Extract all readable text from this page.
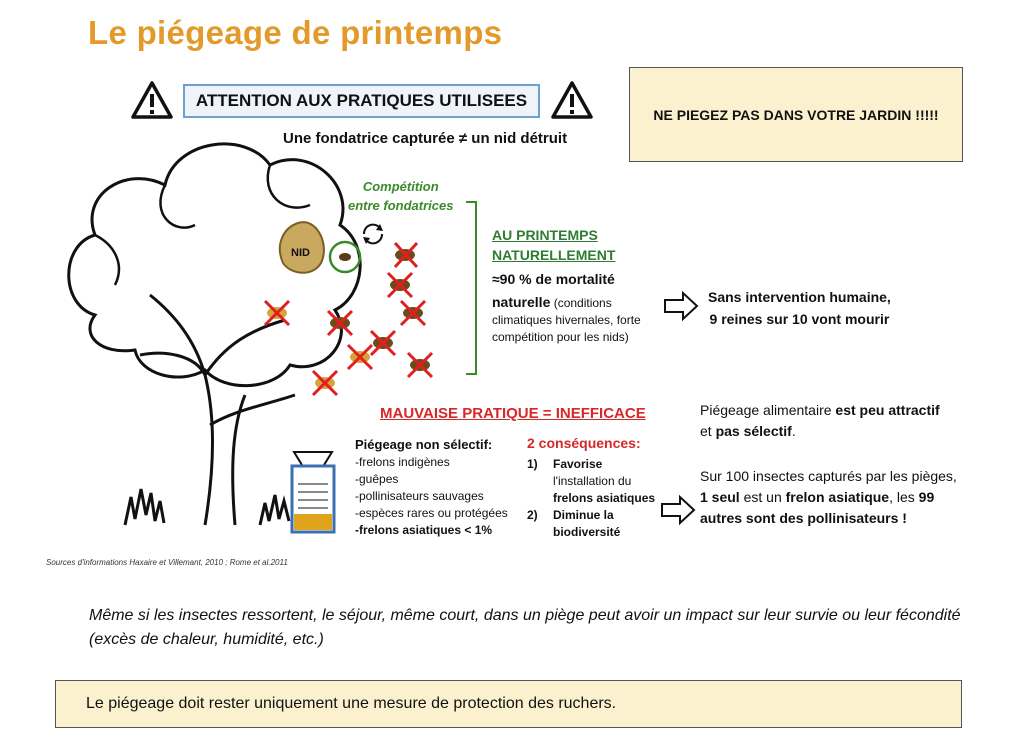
Le piégeage de printemps
ATTENTION AUX PRATIQUES UTILISEES
Une fondatrice capturée ≠ un nid détruit
NE PIEGEZ PAS DANS VOTRE JARDIN !!!!!
NID
Compétition
entre fondatrices
AU PRINTEMPS
NATURELLEMENT
≈90 % de mortalité
naturelle (conditions climatiques hivernales, forte compétition pour les nids)
Sans intervention humaine,
9 reines sur 10 vont mourir
MAUVAISE PRATIQUE = INEFFICACE
Piégeage non sélectif:
-frelons indigènes
-guêpes
-pollinisateurs sauvages
-espèces rares ou protégées
-frelons asiatiques < 1%
2 conséquences:
1) Favorise
l'installation du
frelons asiatiques
2) Diminue la
biodiversité
Piégeage alimentaire est peu attractif et pas sélectif.
Sur 100 insectes capturés par les pièges, 1 seul est un frelon asiatique, les 99 autres sont des pollinisateurs !
Sources d'informations Haxaire et Villemant, 2010 ; Rome et al.2011
Même si les insectes ressortent, le séjour, même court, dans un piège peut avoir un impact sur leur survie ou leur fécondité (excès de chaleur, humidité, etc.)
Le piégeage doit rester uniquement une mesure de protection des ruchers.
